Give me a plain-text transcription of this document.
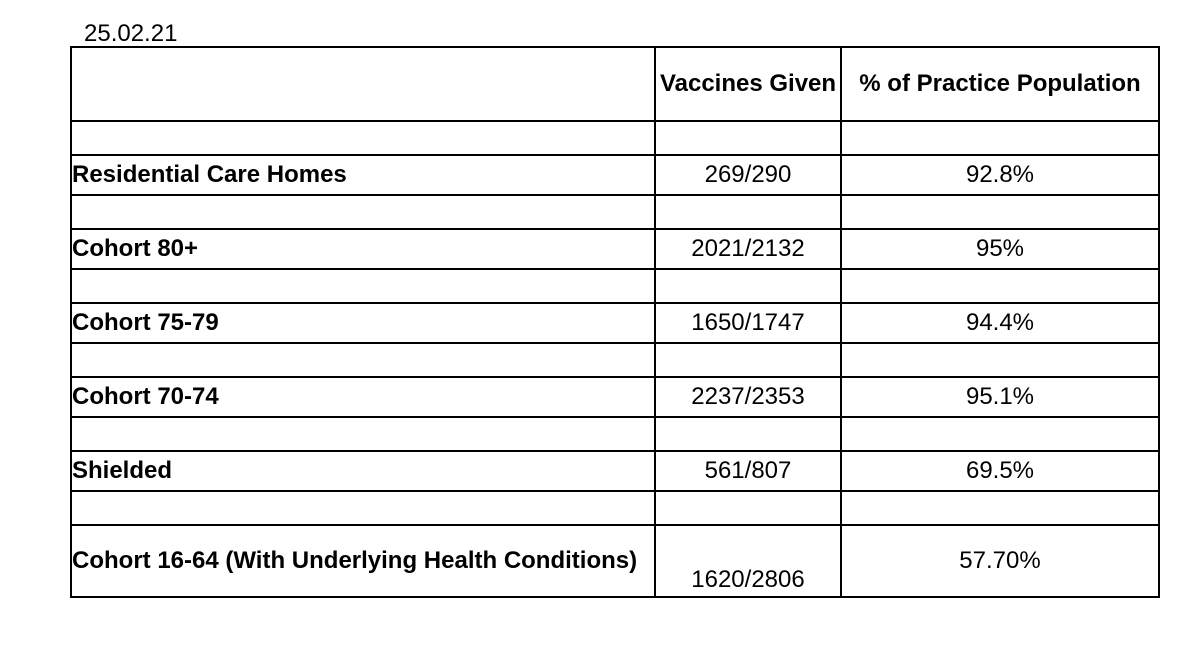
25.02.21
	Vaccines Given	% of Practice Population

Residential Care Homes	269/290	92.8%

Cohort 80+	2021/2132	95%

Cohort 75-79	1650/1747	94.4%

Cohort 70-74	2237/2353	95.1%

Shielded	561/807	69.5%

Cohort 16-64 (With Underlying Health Conditions)	1620/2806	57.70%
